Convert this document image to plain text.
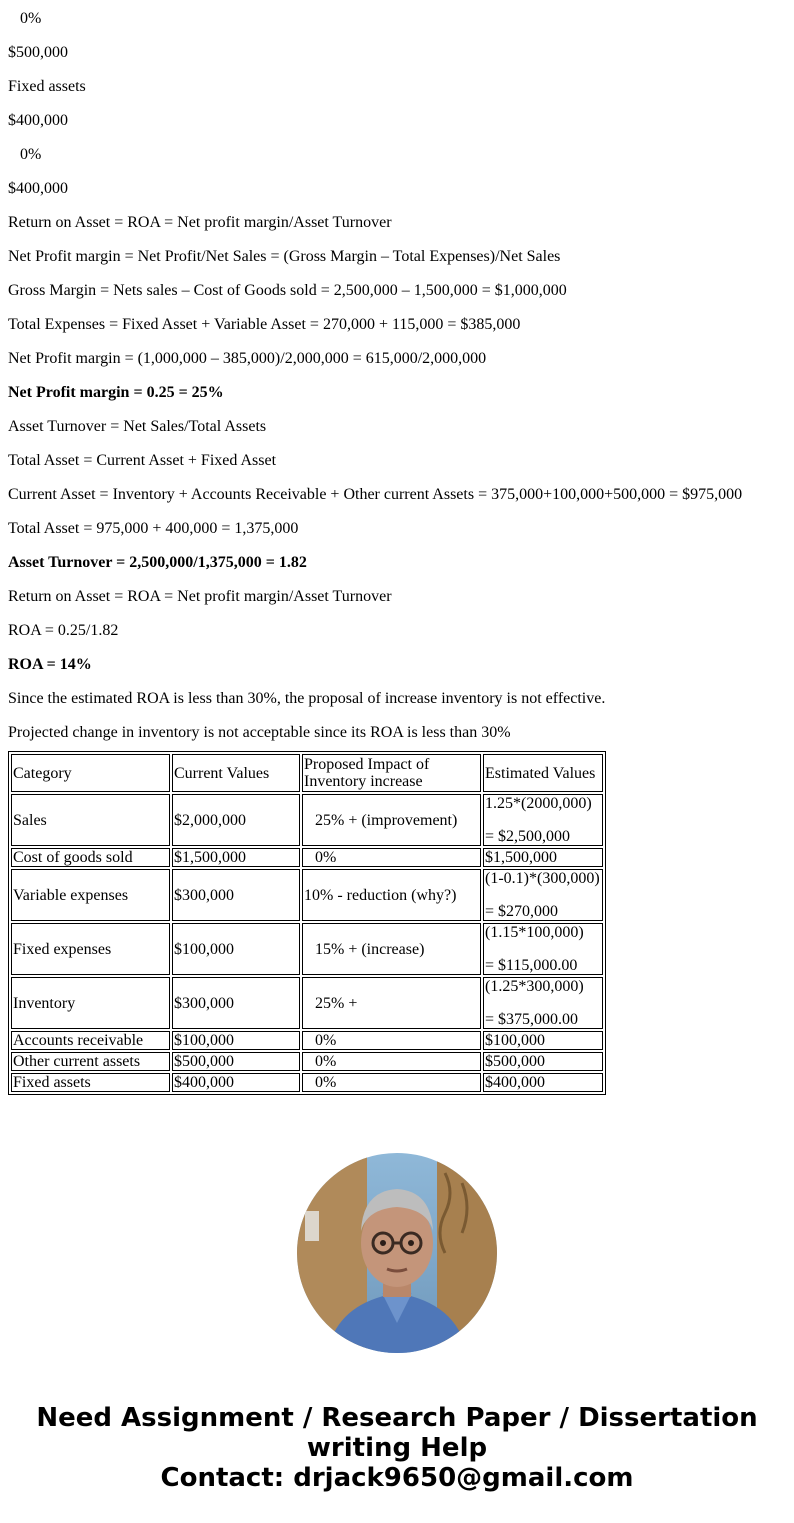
0%
$500,000
Fixed assets
$400,000
0%
$400,000
Return on Asset = ROA = Net profit margin/Asset Turnover
Net Profit margin = Net Profit/Net Sales = (Gross Margin – Total Expenses)/Net Sales
Gross Margin = Nets sales – Cost of Goods sold = 2,500,000 – 1,500,000 = $1,000,000
Total Expenses = Fixed Asset + Variable Asset = 270,000 + 115,000 = $385,000
Net Profit margin = (1,000,000 – 385,000)/2,000,000 = 615,000/2,000,000
Net Profit margin = 0.25 = 25%
Asset Turnover = Net Sales/Total Assets
Total Asset = Current Asset + Fixed Asset
Current Asset = Inventory + Accounts Receivable + Other current Assets = 375,000+100,000+500,000 = $975,000
Total Asset = 975,000 + 400,000 = 1,375,000
Asset Turnover = 2,500,000/1,375,000 = 1.82
Return on Asset = ROA = Net profit margin/Asset Turnover
ROA = 0.25/1.82
ROA = 14%
Since the estimated ROA is less than 30%, the proposal of increase inventory is not effective.
Projected change in inventory is not acceptable since its ROA is less than 30%
Category	Current Values	Proposed Impact of Inventory increase	Estimated Values
Sales	$2,000,000	25% + (improvement)	1.25*(2000,000)
= $2,500,000

Cost of goods sold	$1,500,000	0%	$1,500,000
Variable expenses	$300,000	10% - reduction (why?)	(1-0.1)*(300,000)
= $270,000

Fixed expenses	$100,000	15% + (increase)	(1.15*100,000)
= $115,000.00

Inventory	$300,000	25% +	(1.25*300,000)
= $375,000.00

Accounts receivable	$100,000	0%	$100,000
Other current assets	$500,000	0%	$500,000
Fixed assets	$400,000	0%	$400,000
Need Assignment / Research Paper / Dissertation
writing Help
Contact: drjack9650@gmail.com
